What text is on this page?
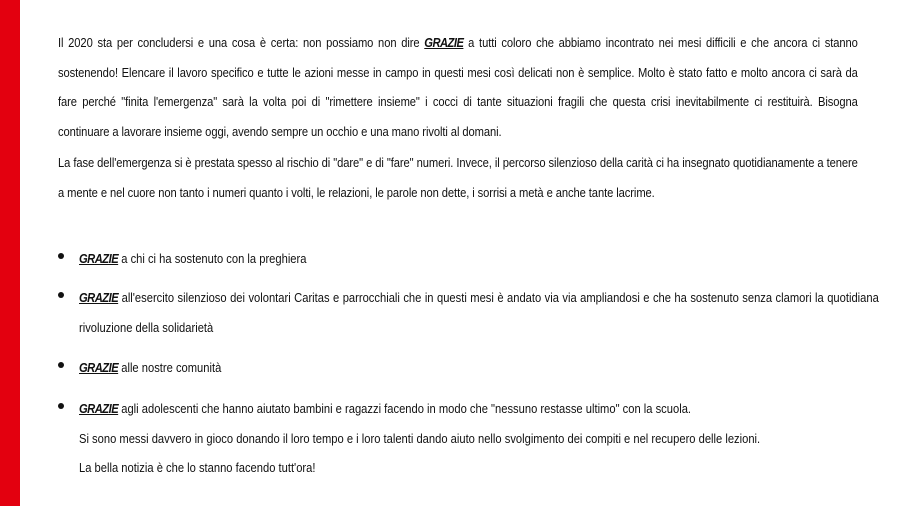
Il 2020 sta per concludersi e una cosa è certa: non possiamo non dire GRAZIE a tutti coloro che abbiamo incontrato nei mesi difficili e che ancora ci stanno sostenendo! Elencare il lavoro specifico e tutte le azioni messe in campo in questi mesi così delicati non è semplice. Molto è stato fatto e molto ancora ci sarà da fare perché "finita l'emergenza" sarà la volta poi di "rimettere insieme" i cocci di tante situazioni fragili che questa crisi inevitabilmente ci restituirà. Bisogna continuare a lavorare insieme oggi, avendo sempre un occhio e una mano rivolti al domani.

La fase dell'emergenza si è prestata spesso al rischio di "dare" e di "fare" numeri. Invece, il percorso silenzioso della carità ci ha insegnato quotidianamente a tenere a mente e nel cuore non tanto i numeri quanto i volti, le relazioni, le parole non dette, i sorrisi a metà e anche tante lacrime.

GRAZIE a chi ci ha sostenuto con la preghiera
GRAZIE all'esercito silenzioso dei volontari Caritas e parrocchiali che in questi mesi è andato via via ampliandosi e che ha sostenuto senza clamori la quotidiana rivoluzione della solidarietà
GRAZIE alle nostre comunità
GRAZIE agli adolescenti che hanno aiutato bambini e ragazzi facendo in modo che "nessuno restasse ultimo" con la scuola.
Si sono messi davvero in gioco donando il loro tempo e i loro talenti dando aiuto nello svolgimento dei compiti e nel recupero delle lezioni.
La bella notizia è che lo stanno facendo tutt'ora!
